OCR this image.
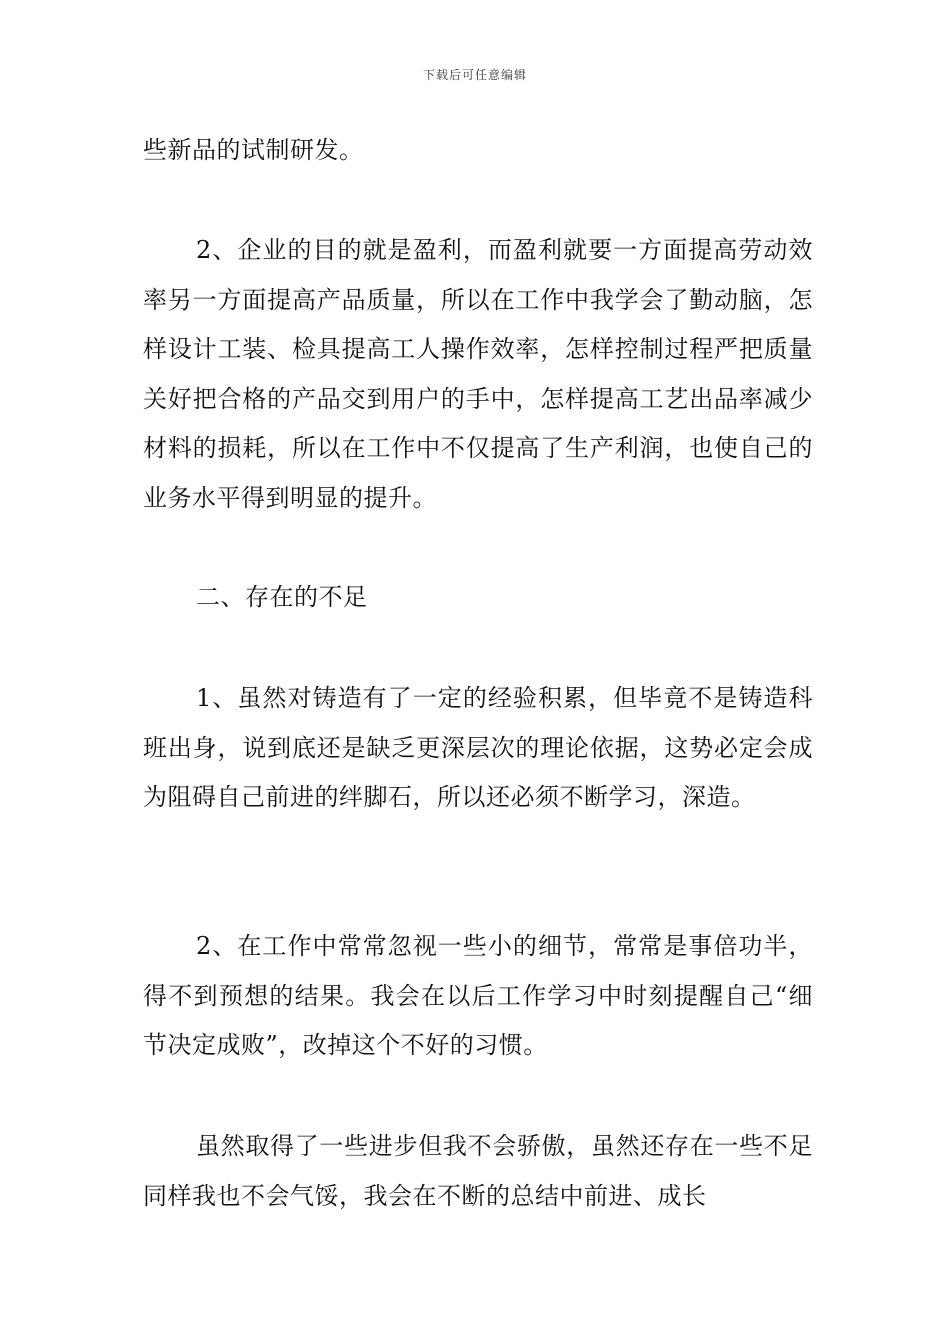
下载后可任意编辑

些新品的试制研发。

2、企业的目的就是盈利，而盈利就要一方面提高劳动效率另一方面提高产品质量，所以在工作中我学会了勤动脑，怎样设计工装、检具提高工人操作效率，怎样控制过程严把质量关好把合格的产品交到用户的手中，怎样提高工艺出品率减少材料的损耗，所以在工作中不仅提高了生产利润，也使自己的业务水平得到明显的提升。

二、存在的不足

1、虽然对铸造有了一定的经验积累，但毕竟不是铸造科班出身，说到底还是缺乏更深层次的理论依据，这势必定会成为阻碍自己前进的绊脚石，所以还必须不断学习，深造。

2、在工作中常常忽视一些小的细节，常常是事倍功半，得不到预想的结果。我会在以后工作学习中时刻提醒自己“细节决定成败”，改掉这个不好的习惯。

虽然取得了一些进步但我不会骄傲，虽然还存在一些不足同样我也不会气馁，我会在不断的总结中前进、成长
